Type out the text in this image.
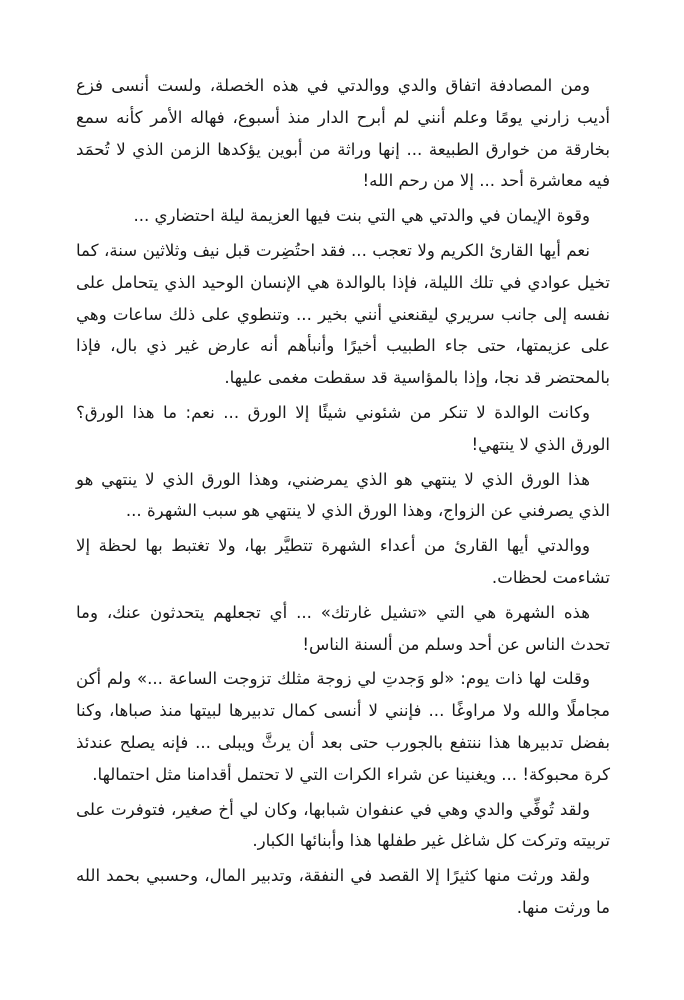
ومن المصادفة اتفاق والدي ووالدتي في هذه الخصلة، ولست أنسى فزع أديب زارني يومًا وعلم أنني لم أبرح الدار منذ أسبوع، فهاله الأمر كأنه سمع بخارقة من خوارق الطبيعة ... إنها وراثة من أبوين يؤكدها الزمن الذي لا تُحمَد فيه معاشرة أحد ... إلا من رحم الله!

وقوة الإيمان في والدتي هي التي بنت فيها العزيمة ليلة احتضاري ...

نعم أيها القارئ الكريم ولا تعجب ... فقد احتُضِرت قبل نيف وثلاثين سنة، كما تخيل عوادي في تلك الليلة، فإذا بالوالدة هي الإنسان الوحيد الذي يتحامل على نفسه إلى جانب سريري ليقنعني أنني بخير ... وتنطوي على ذلك ساعات وهي على عزيمتها، حتى جاء الطبيب أخيرًا وأنبأهم أنه عارض غير ذي بال، فإذا بالمحتضر قد نجا، وإذا بالمؤاسية قد سقطت مغمى عليها.

وكانت الوالدة لا تنكر من شئوني شيئًا إلا الورق ... نعم: ما هذا الورق؟ الورق الذي لا ينتهي!

هذا الورق الذي لا ينتهي هو الذي يمرضني، وهذا الورق الذي لا ينتهي هو الذي يصرفني عن الزواج، وهذا الورق الذي لا ينتهي هو سبب الشهرة ...

ووالدتي أيها القارئ من أعداء الشهرة تتطيَّر بها، ولا تغتبط بها لحظة إلا تشاءمت لحظات.

هذه الشهرة هي التي «تشيل غارتك» ... أي تجعلهم يتحدثون عنك، وما تحدث الناس عن أحد وسلم من ألسنة الناس!

وقلت لها ذات يوم: «لو وَجدتِ لي زوجة مثلك تزوجت الساعة ...» ولم أكن مجاملًا والله ولا مراوغًا ... فإنني لا أنسى كمال تدبيرها لبيتها منذ صباها، وكنا بفضل تدبيرها هذا ننتفع بالجورب حتى بعد أن يرثَّ ويبلى ... فإنه يصلح عندئذ كرة محبوكة! ... ويغنينا عن شراء الكرات التي لا تحتمل أقدامنا مثل احتمالها.

ولقد تُوفِّي والدي وهي في عنفوان شبابها، وكان لي أخ صغير، فتوفرت على تربيته وتركت كل شاغل غير طفلها هذا وأبنائها الكبار.

ولقد ورثت منها كثيرًا إلا القصد في النفقة، وتدبير المال، وحسبي بحمد الله ما ورثت منها.
